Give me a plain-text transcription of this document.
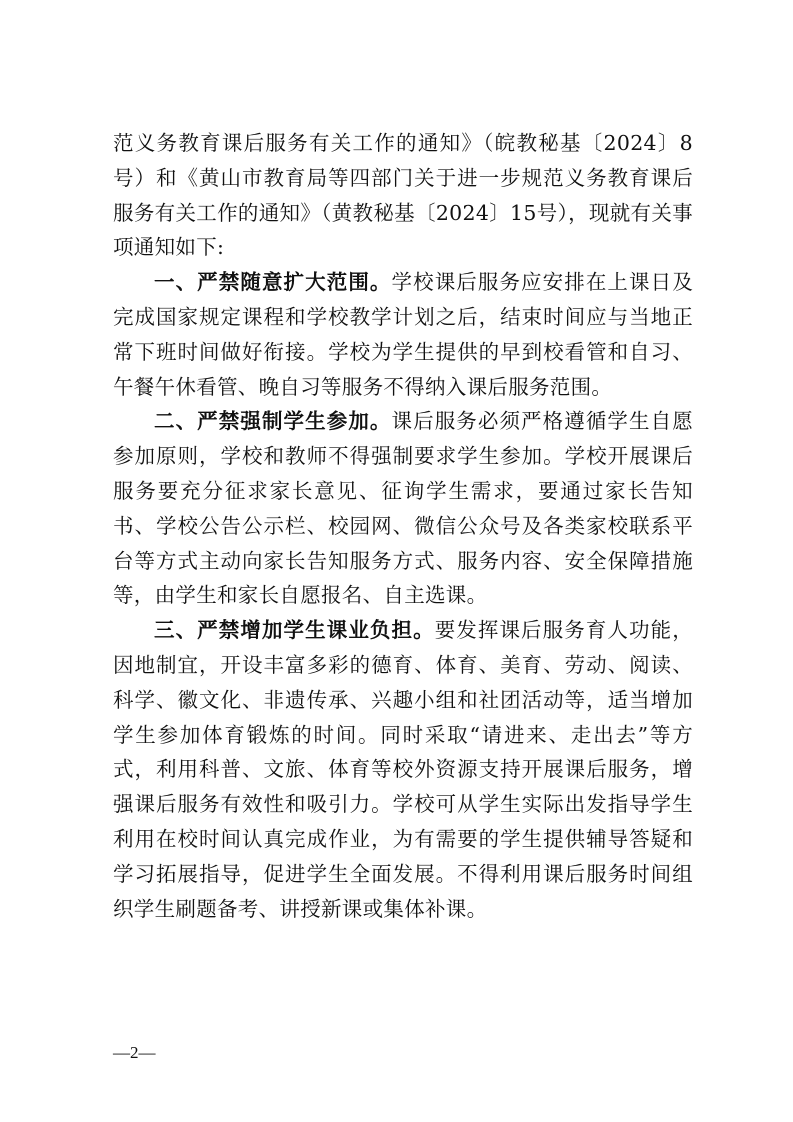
范义务教育课后服务有关工作的通知》（皖教秘基〔2024〕8号）和《黄山市教育局等四部门关于进一步规范义务教育课后服务有关工作的通知》（黄教秘基〔2024〕15号），现就有关事项通知如下:

一、严禁随意扩大范围。学校课后服务应安排在上课日及完成国家规定课程和学校教学计划之后，结束时间应与当地正常下班时间做好衔接。学校为学生提供的早到校看管和自习、午餐午休看管、晚自习等服务不得纳入课后服务范围。

二、严禁强制学生参加。课后服务必须严格遵循学生自愿参加原则，学校和教师不得强制要求学生参加。学校开展课后服务要充分征求家长意见、征询学生需求，要通过家长告知书、学校公告公示栏、校园网、微信公众号及各类家校联系平台等方式主动向家长告知服务方式、服务内容、安全保障措施等，由学生和家长自愿报名、自主选课。

三、严禁增加学生课业负担。要发挥课后服务育人功能，因地制宜，开设丰富多彩的德育、体育、美育、劳动、阅读、科学、徽文化、非遗传承、兴趣小组和社团活动等，适当增加学生参加体育锻炼的时间。同时采取“请进来、走出去”等方式，利用科普、文旅、体育等校外资源支持开展课后服务，增强课后服务有效性和吸引力。学校可从学生实际出发指导学生利用在校时间认真完成作业，为有需要的学生提供辅导答疑和学习拓展指导，促进学生全面发展。不得利用课后服务时间组织学生刷题备考、讲授新课或集体补课。

—2—
